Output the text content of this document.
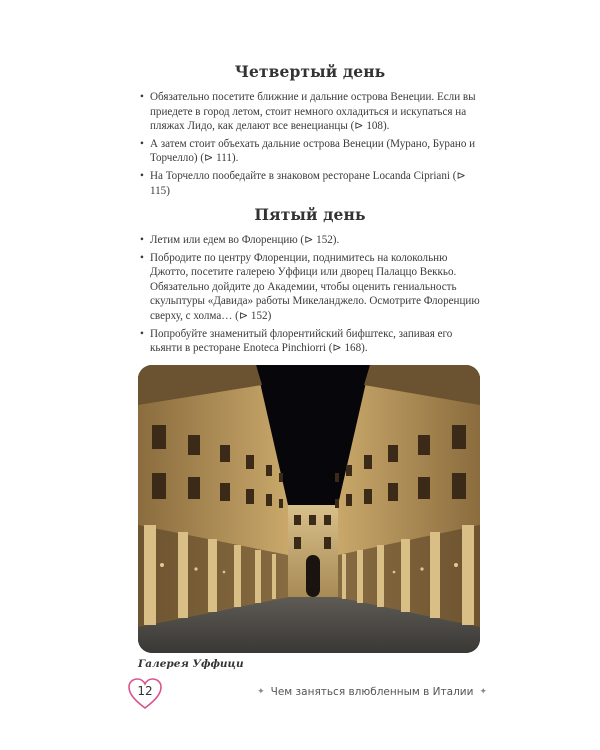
Четвертый день
• Обязательно посетите ближние и дальние острова Венеции. Если вы приедете в город летом, стоит немного охладиться и искупаться на пляжах Лидо, как делают все венецианцы (⊳ 108).
• А затем стоит объехать дальние острова Венеции (Мурано, Бурано и Торчелло) (⊳ 111).
• На Торчелло пообедайте в знаковом ресторане Locanda Cipriani (⊳ 115)
Пятый день
• Летим или едем во Флоренцию (⊳ 152).
• Побродите по центру Флоренции, поднимитесь на колокольню Джотто, посетите галерею Уффици или дворец Палаццо Веккьо. Обязательно дойдите до Академии, чтобы оценить гениальность скульптуры «Давида» работы Микеланджело. Осмотрите Флоренцию сверху, с холма… (⊳ 152)
• Попробуйте знаменитый флорентийский бифштекс, запивая его кьянти в ресторане Enoteca Pinchiorri (⊳ 168).
Галерея Уффици
12	✦ Чем заняться влюбленным в Италии ✦
